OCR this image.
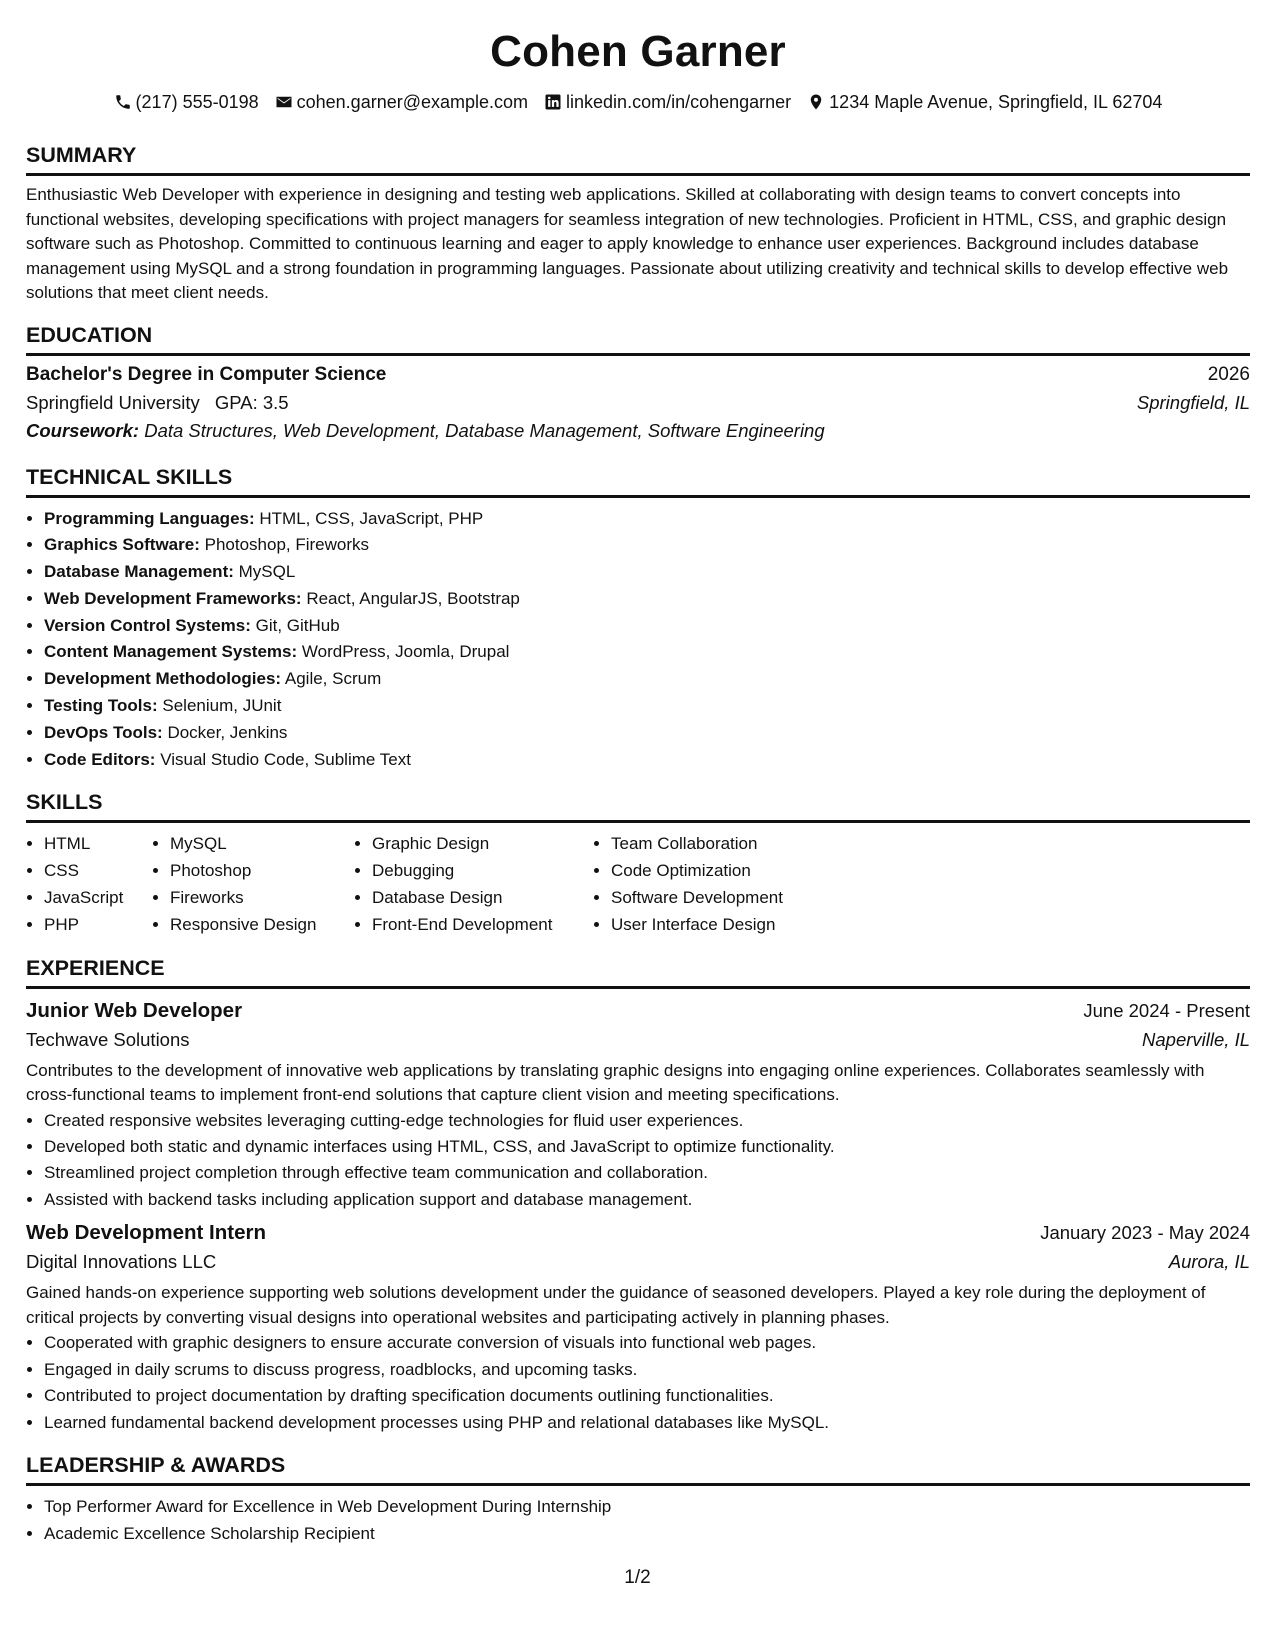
Cohen Garner
(217) 555-0198 cohen.garner@example.com linkedin.com/in/cohengarner 1234 Maple Avenue, Springfield, IL 62704
SUMMARY
Enthusiastic Web Developer with experience in designing and testing web applications. Skilled at collaborating with design teams to convert concepts into functional websites, developing specifications with project managers for seamless integration of new technologies. Proficient in HTML, CSS, and graphic design software such as Photoshop. Committed to continuous learning and eager to apply knowledge to enhance user experiences. Background includes database management using MySQL and a strong foundation in programming languages. Passionate about utilizing creativity and technical skills to develop effective web solutions that meet client needs.
EDUCATION
Bachelor's Degree in Computer Science	2026
Springfield University GPA: 3.5	Springfield, IL
Coursework: Data Structures, Web Development, Database Management, Software Engineering
TECHNICAL SKILLS
• Programming Languages: HTML, CSS, JavaScript, PHP
• Graphics Software: Photoshop, Fireworks
• Database Management: MySQL
• Web Development Frameworks: React, AngularJS, Bootstrap
• Version Control Systems: Git, GitHub
• Content Management Systems: WordPress, Joomla, Drupal
• Development Methodologies: Agile, Scrum
• Testing Tools: Selenium, JUnit
• DevOps Tools: Docker, Jenkins
• Code Editors: Visual Studio Code, Sublime Text
SKILLS
• HTML
• CSS
• JavaScript
• PHP
• MySQL
• Photoshop
• Fireworks
• Responsive Design
• Graphic Design
• Debugging
• Database Design
• Front-End Development
• Team Collaboration
• Code Optimization
• Software Development
• User Interface Design
EXPERIENCE
Junior Web Developer	June 2024 - Present
Techwave Solutions	Naperville, IL
Contributes to the development of innovative web applications by translating graphic designs into engaging online experiences. Collaborates seamlessly with cross-functional teams to implement front-end solutions that capture client vision and meeting specifications.
• Created responsive websites leveraging cutting-edge technologies for fluid user experiences.
• Developed both static and dynamic interfaces using HTML, CSS, and JavaScript to optimize functionality.
• Streamlined project completion through effective team communication and collaboration.
• Assisted with backend tasks including application support and database management.
Web Development Intern	January 2023 - May 2024
Digital Innovations LLC	Aurora, IL
Gained hands-on experience supporting web solutions development under the guidance of seasoned developers. Played a key role during the deployment of critical projects by converting visual designs into operational websites and participating actively in planning phases.
• Cooperated with graphic designers to ensure accurate conversion of visuals into functional web pages.
• Engaged in daily scrums to discuss progress, roadblocks, and upcoming tasks.
• Contributed to project documentation by drafting specification documents outlining functionalities.
• Learned fundamental backend development processes using PHP and relational databases like MySQL.
LEADERSHIP & AWARDS
• Top Performer Award for Excellence in Web Development During Internship
• Academic Excellence Scholarship Recipient
1/2
